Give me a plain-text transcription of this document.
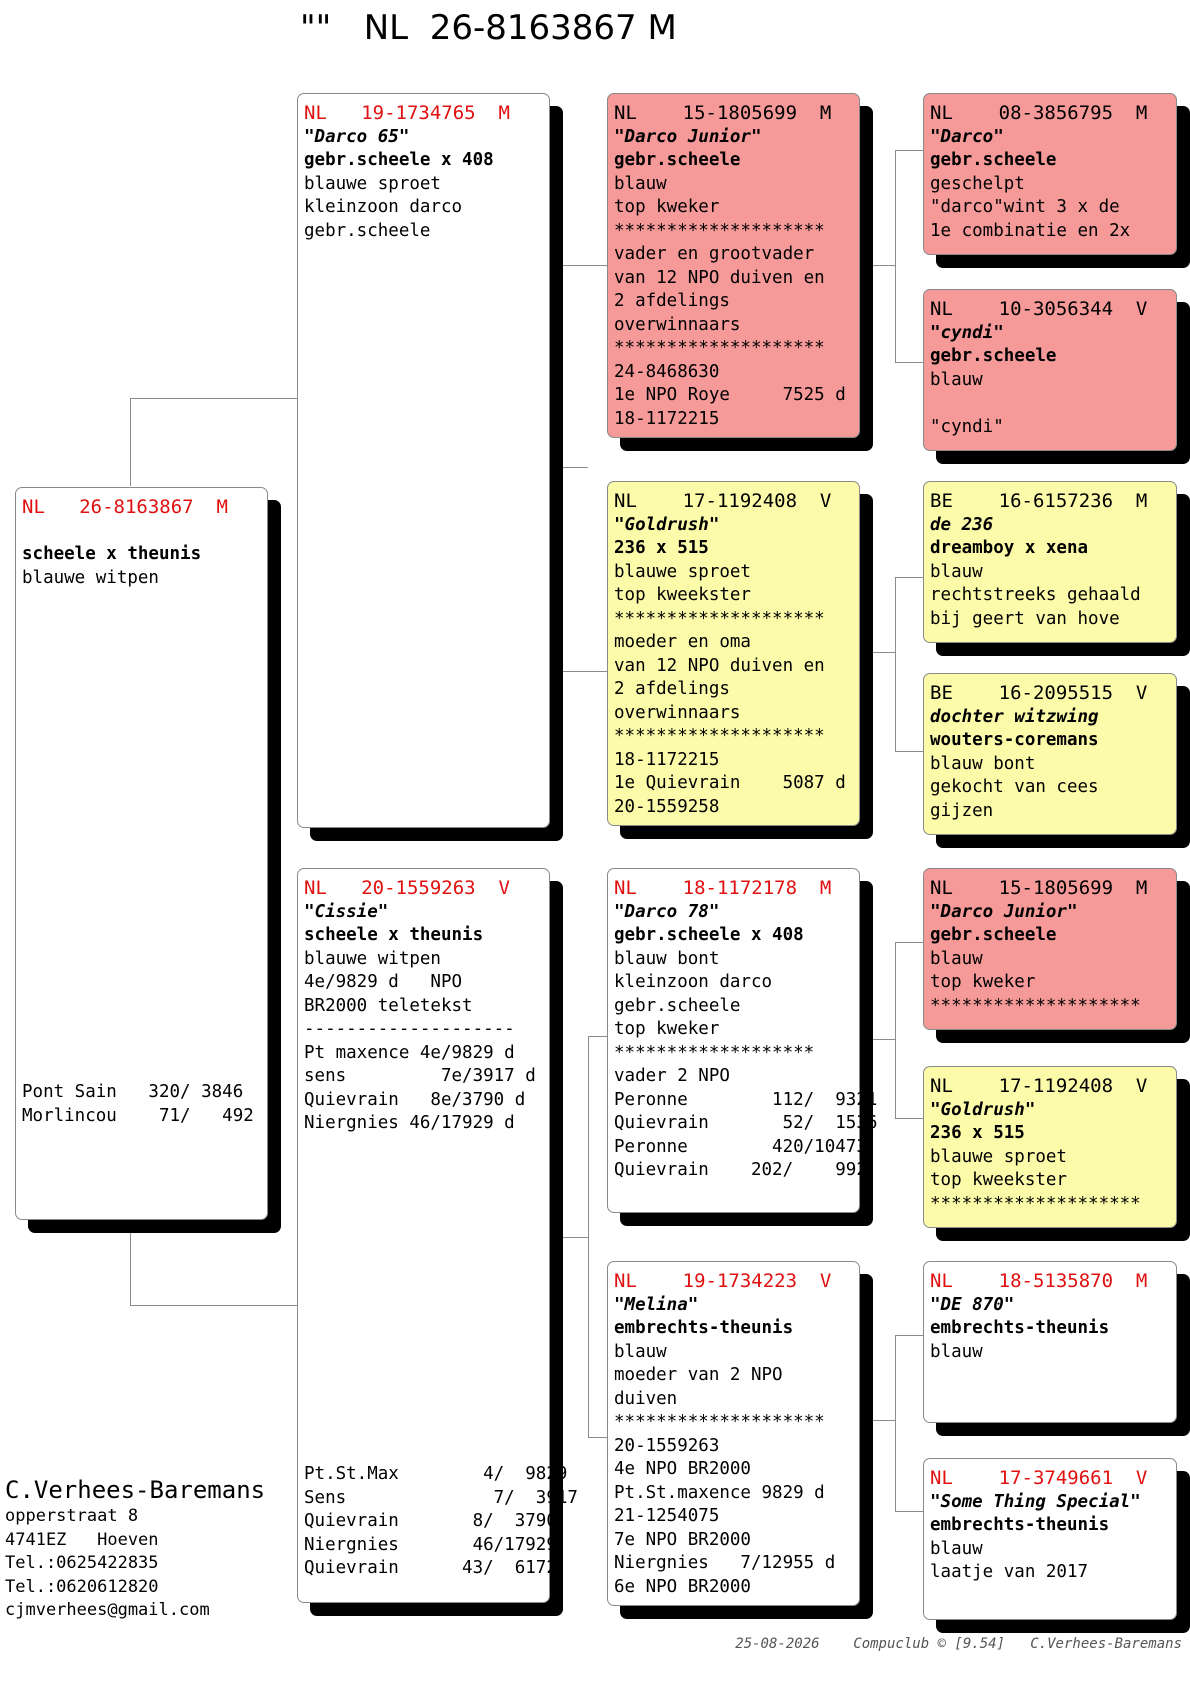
""   NL  26-8163867 M
NL   26-8163867  M
scheele x theunis
blauwe witpen
Pont Sain   320/ 3846
Morlincou    71/   492
NL   19-1734765  M
"Darco 65"
gebr.scheele x 408
blauwe sproet
kleinzoon darco
gebr.scheele
NL   20-1559263  V
"Cissie"
scheele x theunis
blauwe witpen
4e/9829 d   NPO
BR2000 teletekst
--------------------
Pt maxence 4e/9829 d
sens         7e/3917 d
Quievrain   8e/3790 d
Niergnies 46/17929 d
Pt.St.Max        4/  9829
Sens              7/  3917
Quievrain       8/  3790
Niergnies       46/17929
Quievrain      43/  6172
NL    15-1805699  M
"Darco Junior"
gebr.scheele
blauw
top kweker
********************
vader en grootvader
van 12 NPO duiven en
2 afdelings
overwinnaars
********************
24-8468630
1e NPO Roye     7525 d
18-1172215
NL    17-1192408  V
"Goldrush"
236 x 515
blauwe sproet
top kweekster
********************
moeder en oma
van 12 NPO duiven en
2 afdelings
overwinnaars
********************
18-1172215
1e Quievrain    5087 d
20-1559258
NL    18-1172178  M
"Darco 78"
gebr.scheele x 408
blauw bont
kleinzoon darco
gebr.scheele
top kweker
*******************
vader 2 NPO
Peronne        112/  9321
Quievrain       52/  1536
Peronne        420/10473
Quievrain    202/    992
NL    19-1734223  V
"Melina"
embrechts-theunis
blauw
moeder van 2 NPO
duiven
********************
20-1559263
4e NPO BR2000
Pt.St.maxence 9829 d
21-1254075
7e NPO BR2000
Niergnies   7/12955 d
6e NPO BR2000
NL    08-3856795  M
"Darco"
gebr.scheele
geschelpt
"darco"wint 3 x de
1e combinatie en 2x
NL    10-3056344  V
"cyndi"
gebr.scheele
blauw
"cyndi"
BE    16-6157236  M
de 236
dreamboy x xena
blauw
rechtstreeks gehaald
bij geert van hove
BE    16-2095515  V
dochter witzwing
wouters-coremans
blauw bont
gekocht van cees
gijzen
NL    15-1805699  M
"Darco Junior"
gebr.scheele
blauw
top kweker
********************
NL    17-1192408  V
"Goldrush"
236 x 515
blauwe sproet
top kweekster
********************
NL    18-5135870  M
"DE 870"
embrechts-theunis
blauw
NL    17-3749661  V
"Some Thing Special"
embrechts-theunis
blauw
laatje van 2017
C.Verhees-Baremans
opperstraat 8
4741EZ   Hoeven
Tel.:0625422835
Tel.:0620612820
cjmverhees@gmail.com
25-08-2026    Compuclub © [9.54]   C.Verhees-Baremans
